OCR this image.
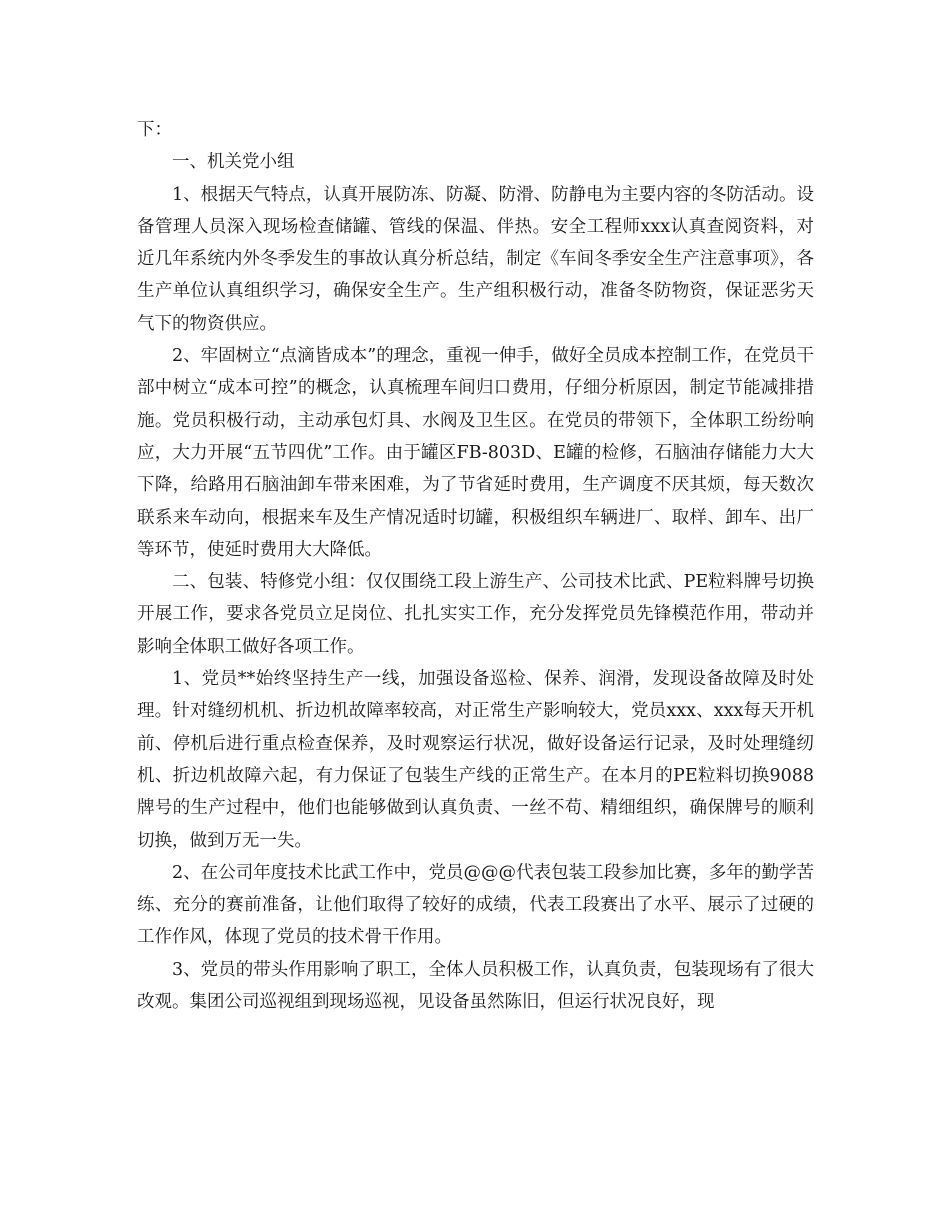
下：

一、机关党小组

1、根据天气特点，认真开展防冻、防凝、防滑、防静电为主要内容的冬防活动。设备管理人员深入现场检查储罐、管线的保温、伴热。安全工程师xxx认真查阅资料，对近几年系统内外冬季发生的事故认真分析总结，制定《车间冬季安全生产注意事项》，各生产单位认真组织学习，确保安全生产。生产组积极行动，准备冬防物资，保证恶劣天气下的物资供应。

2、牢固树立“点滴皆成本”的理念，重视一伸手，做好全员成本控制工作，在党员干部中树立“成本可控”的概念，认真梳理车间归口费用，仔细分析原因，制定节能减排措施。党员积极行动，主动承包灯具、水阀及卫生区。在党员的带领下，全体职工纷纷响应，大力开展“五节四优”工作。由于罐区FB-803D、E罐的检修，石脑油存储能力大大下降，给路用石脑油卸车带来困难，为了节省延时费用，生产调度不厌其烦，每天数次联系来车动向，根据来车及生产情况适时切罐，积极组织车辆进厂、取样、卸车、出厂等环节，使延时费用大大降低。

二、包装、特修党小组：仅仅围绕工段上游生产、公司技术比武、PE粒料牌号切换开展工作，要求各党员立足岗位、扎扎实实工作，充分发挥党员先锋模范作用，带动并影响全体职工做好各项工作。

1、党员**始终坚持生产一线，加强设备巡检、保养、润滑，发现设备故障及时处理。针对缝纫机机、折边机故障率较高，对正常生产影响较大，党员xxx、xxx每天开机前、停机后进行重点检查保养，及时观察运行状况，做好设备运行记录，及时处理缝纫机、折边机故障六起，有力保证了包装生产线的正常生产。在本月的PE粒料切换9088牌号的生产过程中，他们也能够做到认真负责、一丝不苟、精细组织，确保牌号的顺利切换，做到万无一失。

2、在公司年度技术比武工作中，党员@@@代表包装工段参加比赛，多年的勤学苦练、充分的赛前准备，让他们取得了较好的成绩，代表工段赛出了水平、展示了过硬的工作作风，体现了党员的技术骨干作用。

3、党员的带头作用影响了职工，全体人员积极工作，认真负责，包装现场有了很大改观。集团公司巡视组到现场巡视，见设备虽然陈旧，但运行状况良好，现
